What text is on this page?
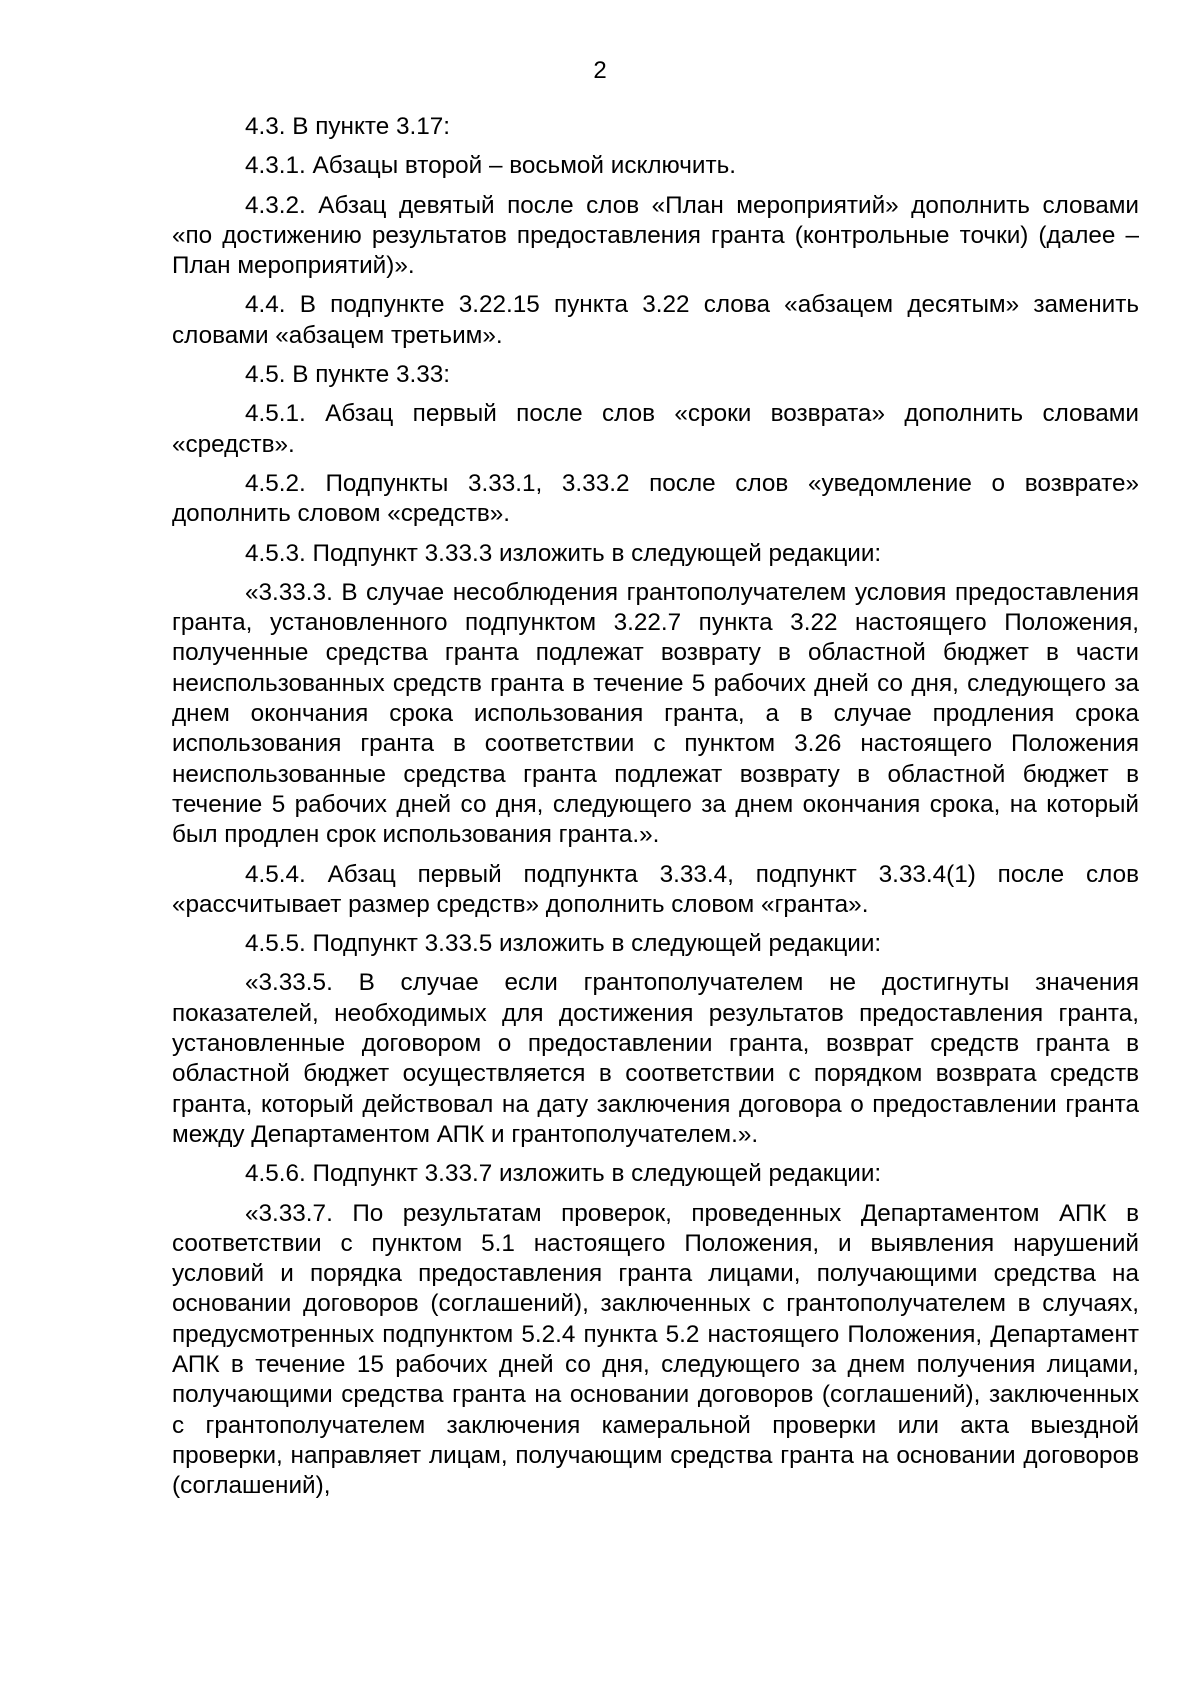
2

4.3. В пункте 3.17:

4.3.1. Абзацы второй – восьмой исключить.

4.3.2. Абзац девятый после слов «План мероприятий» дополнить словами «по достижению результатов предоставления гранта (контрольные точки) (далее – План мероприятий)».

4.4. В подпункте 3.22.15 пункта 3.22 слова «абзацем десятым» заменить словами «абзацем третьим».

4.5. В пункте 3.33:

4.5.1. Абзац первый после слов «сроки возврата» дополнить словами «средств».

4.5.2. Подпункты 3.33.1, 3.33.2 после слов «уведомление о возврате» дополнить словом «средств».

4.5.3. Подпункт 3.33.3 изложить в следующей редакции:

«3.33.3. В случае несоблюдения грантополучателем условия предоставления гранта, установленного подпунктом 3.22.7 пункта 3.22 настоящего Положения, полученные средства гранта подлежат возврату в областной бюджет в части неиспользованных средств гранта в течение 5 рабочих дней со дня, следующего за днем окончания срока использования гранта, а в случае продления срока использования гранта в соответствии с пунктом 3.26 настоящего Положения неиспользованные средства гранта подлежат возврату в областной бюджет в течение 5 рабочих дней со дня, следующего за днем окончания срока, на который был продлен срок использования гранта.».

4.5.4. Абзац первый подпункта 3.33.4, подпункт 3.33.4(1) после слов «рассчитывает размер средств» дополнить словом «гранта».

4.5.5. Подпункт 3.33.5 изложить в следующей редакции:

«3.33.5. В случае если грантополучателем не достигнуты значения показателей, необходимых для достижения результатов предоставления гранта, установленные договором о предоставлении гранта, возврат средств гранта в областной бюджет осуществляется в соответствии с порядком возврата средств гранта, который действовал на дату заключения договора о предоставлении гранта между Департаментом АПК и грантополучателем.».

4.5.6. Подпункт 3.33.7 изложить в следующей редакции:

«3.33.7. По результатам проверок, проведенных Департаментом АПК в соответствии с пунктом 5.1 настоящего Положения, и выявления нарушений условий и порядка предоставления гранта лицами, получающими средства на основании договоров (соглашений), заключенных с грантополучателем в случаях, предусмотренных подпунктом 5.2.4 пункта 5.2 настоящего Положения, Департамент АПК в течение 15 рабочих дней со дня, следующего за днем получения лицами, получающими средства гранта на основании договоров (соглашений), заключенных с грантополучателем заключения камеральной проверки или акта выездной проверки, направляет лицам, получающим средства гранта на основании договоров (соглашений),
